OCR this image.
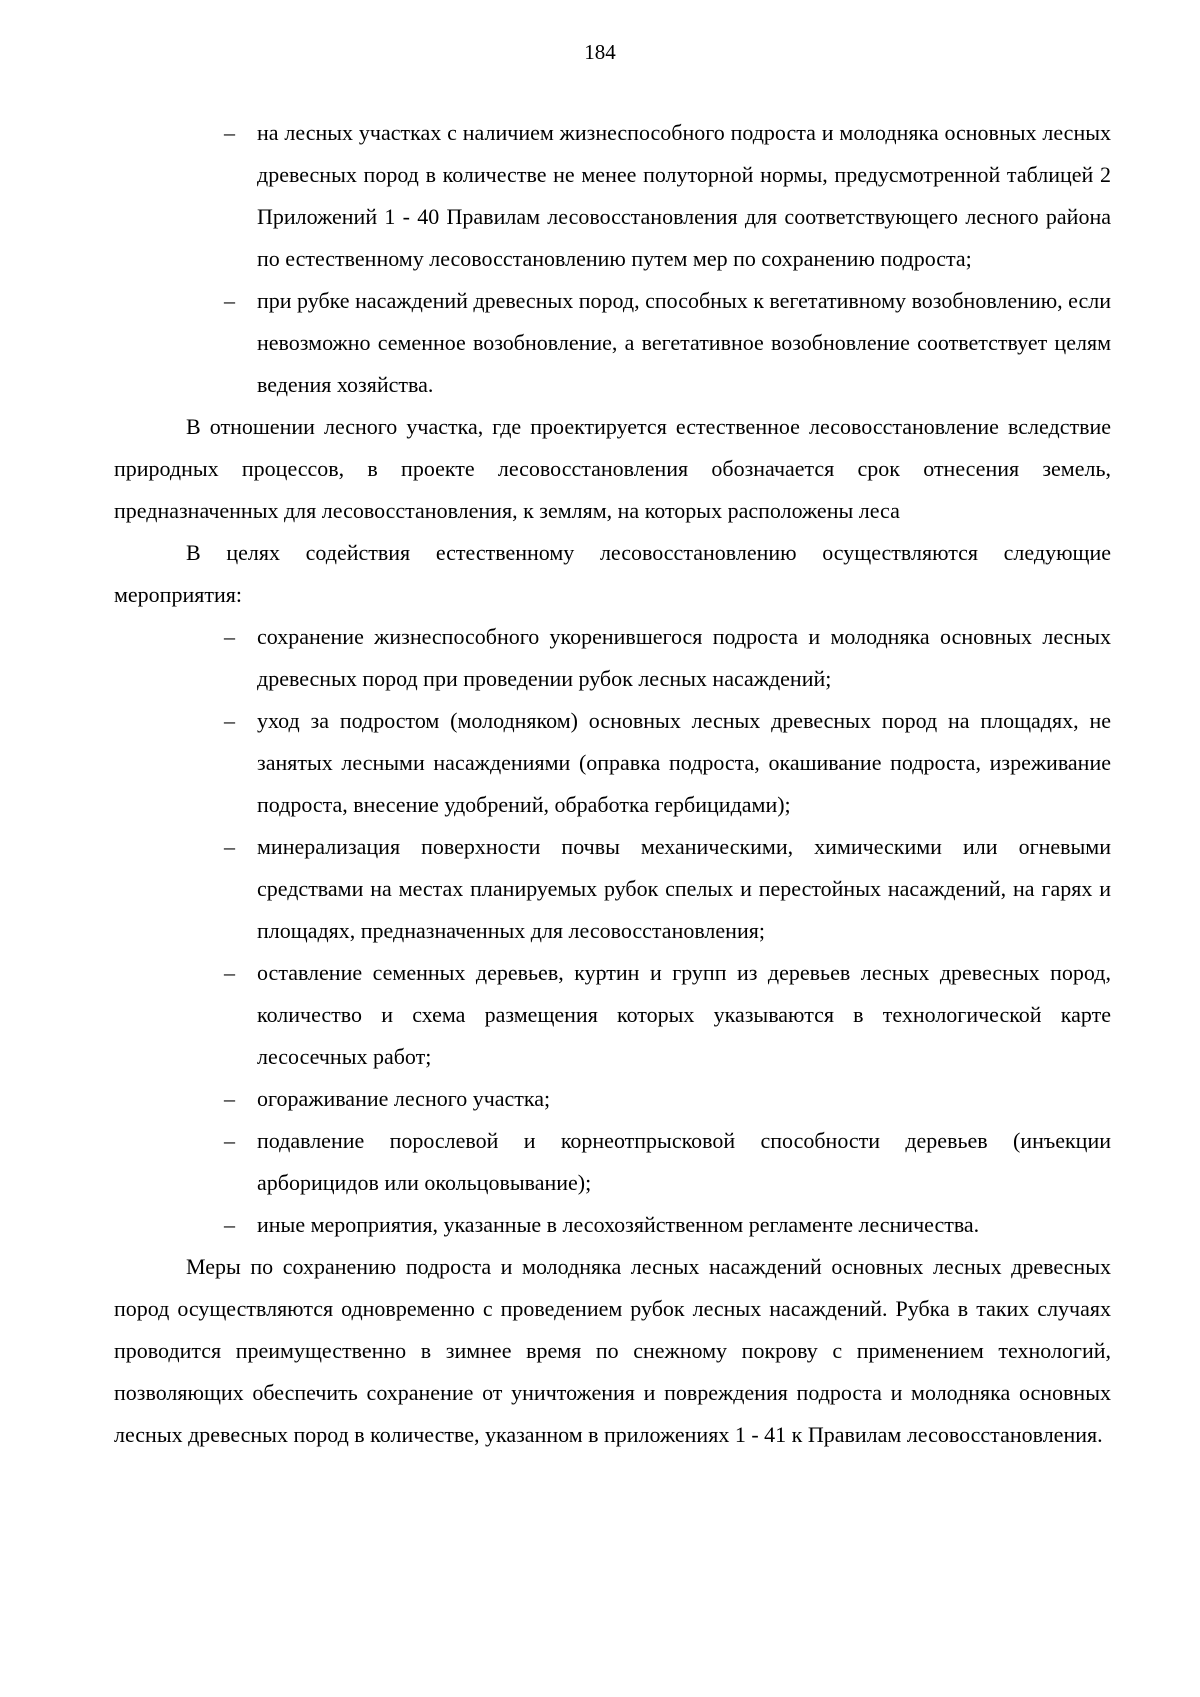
184
– на лесных участках с наличием жизнеспособного подроста и молодняка основных лесных древесных пород в количестве не менее полуторной нормы, предусмотренной таблицей 2 Приложений 1 - 40 Правилам лесовосстановления для соответствующего лесного района по естественному лесовосстановлению путем мер по сохранению подроста;
– при рубке насаждений древесных пород, способных к вегетативному возобновлению, если невозможно семенное возобновление, а вегетативное возобновление соответствует целям ведения хозяйства.

В отношении лесного участка, где проектируется естественное лесовосстановление вследствие природных процессов, в проекте лесовосстановления обозначается срок отнесения земель, предназначенных для лесовосстановления, к землям, на которых расположены леса

В целях содействия естественному лесовосстановлению осуществляются следующие мероприятия:

– сохранение жизнеспособного укоренившегося подроста и молодняка основных лесных древесных пород при проведении рубок лесных насаждений;
– уход за подростом (молодняком) основных лесных древесных пород на площадях, не занятых лесными насаждениями (оправка подроста, окашивание подроста, изреживание подроста, внесение удобрений, обработка гербицидами);
– минерализация поверхности почвы механическими, химическими или огневыми средствами на местах планируемых рубок спелых и перестойных насаждений, на гарях и площадях, предназначенных для лесовосстановления;
– оставление семенных деревьев, куртин и групп из деревьев лесных древесных пород, количество и схема размещения которых указываются в технологической карте лесосечных работ;
– огораживание лесного участка;
– подавление порослевой и корнеотпрысковой способности деревьев (инъекции арборицидов или окольцовывание);
– иные мероприятия, указанные в лесохозяйственном регламенте лесничества.

Меры по сохранению подроста и молодняка лесных насаждений основных лесных древесных пород осуществляются одновременно с проведением рубок лесных насаждений. Рубка в таких случаях проводится преимущественно в зимнее время по снежному покрову с применением технологий, позволяющих обеспечить сохранение от уничтожения и повреждения подроста и молодняка основных лесных древесных пород в количестве, указанном в приложениях 1 - 41 к Правилам лесовосстановления.
